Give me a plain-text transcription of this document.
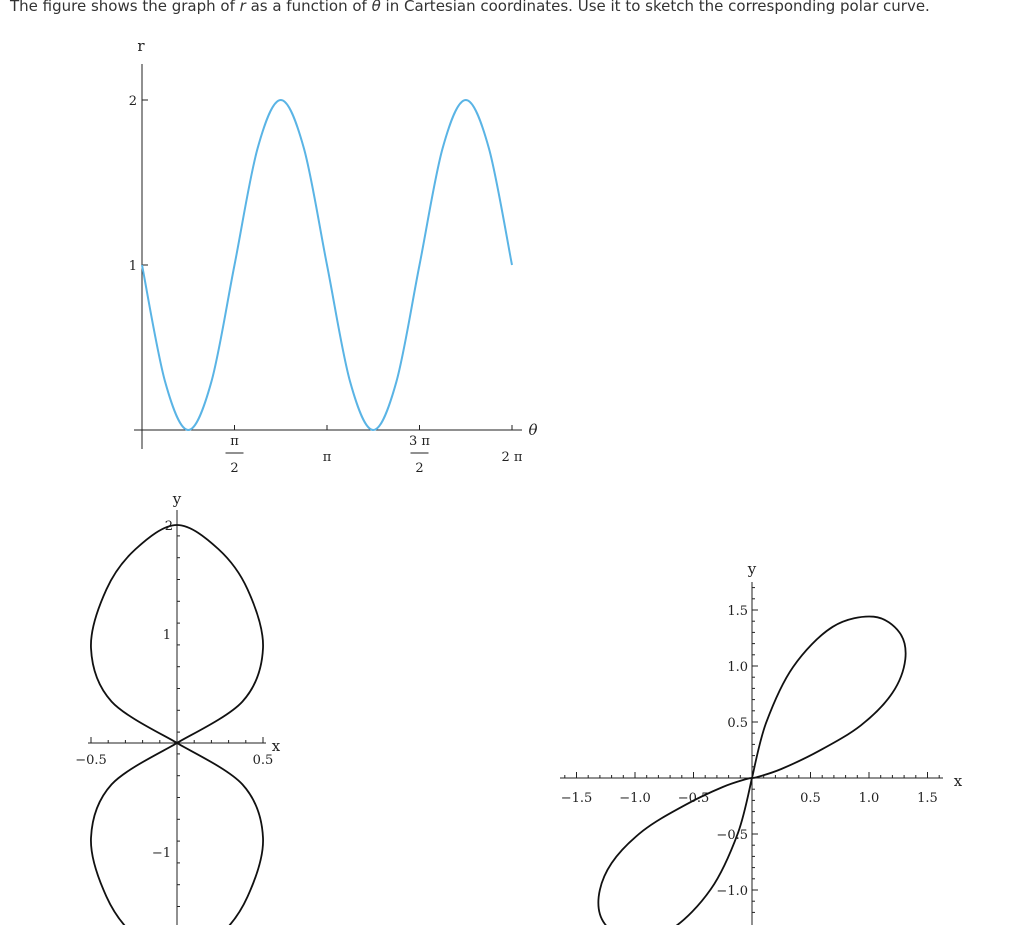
The figure shows the graph of r as a function of θ in Cartesian coordinates. Use it to sketch the corresponding polar curve.

r
θ
1
2
π
2
π
3 π
2
2 π
y
x
−0.5	0.5
1
−1
2
y
x
−1.5 −1.0 −0.5	0.5	1.0	1.5
1.5
1.0
0.5
−0.5
−1.0
